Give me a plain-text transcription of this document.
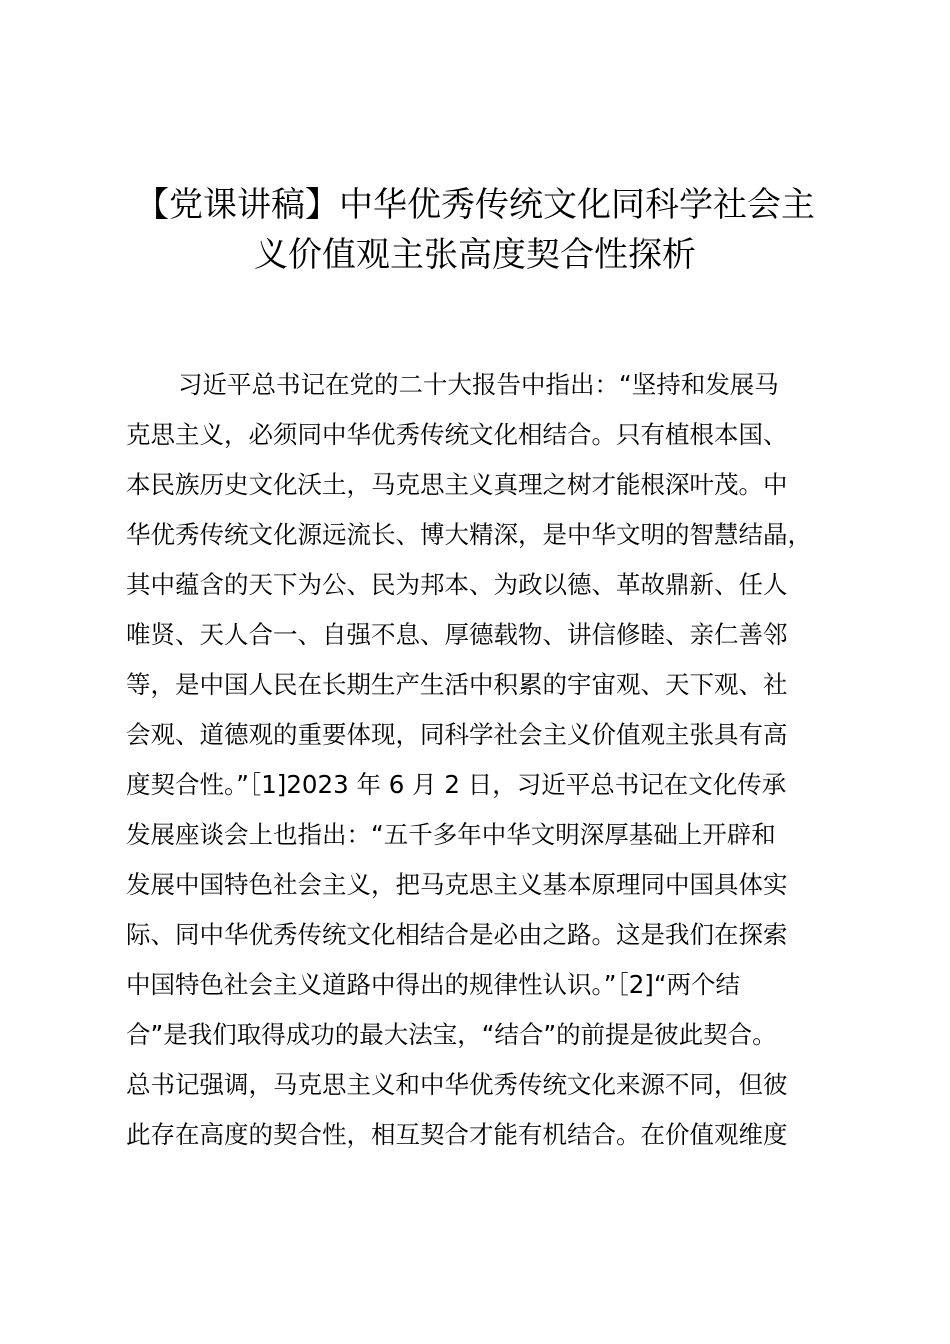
【党课讲稿】中华优秀传统文化同科学社会主
义价值观主张高度契合性探析
习近平总书记在党的二十大报告中指出：“坚持和发展马
克思主义，必须同中华优秀传统文化相结合。只有植根本国、
本民族历史文化沃土，马克思主义真理之树才能根深叶茂。中
华优秀传统文化源远流长、博大精深，是中华文明的智慧结晶，
其中蕴含的天下为公、民为邦本、为政以德、革故鼎新、任人
唯贤、天人合一、自强不息、厚德载物、讲信修睦、亲仁善邻
等，是中国人民在长期生产生活中积累的宇宙观、天下观、社
会观、道德观的重要体现，同科学社会主义价值观主张具有高
度契合性。”［1]2023 年 6 月 2 日，习近平总书记在文化传承
发展座谈会上也指出：“五千多年中华文明深厚基础上开辟和
发展中国特色社会主义，把马克思主义基本原理同中国具体实
际、同中华优秀传统文化相结合是必由之路。这是我们在探索
中国特色社会主义道路中得出的规律性认识。”［2]“两个结
合”是我们取得成功的最大法宝，“结合”的前提是彼此契合。
总书记强调，马克思主义和中华优秀传统文化来源不同，但彼
此存在高度的契合性，相互契合才能有机结合。在价值观维度
